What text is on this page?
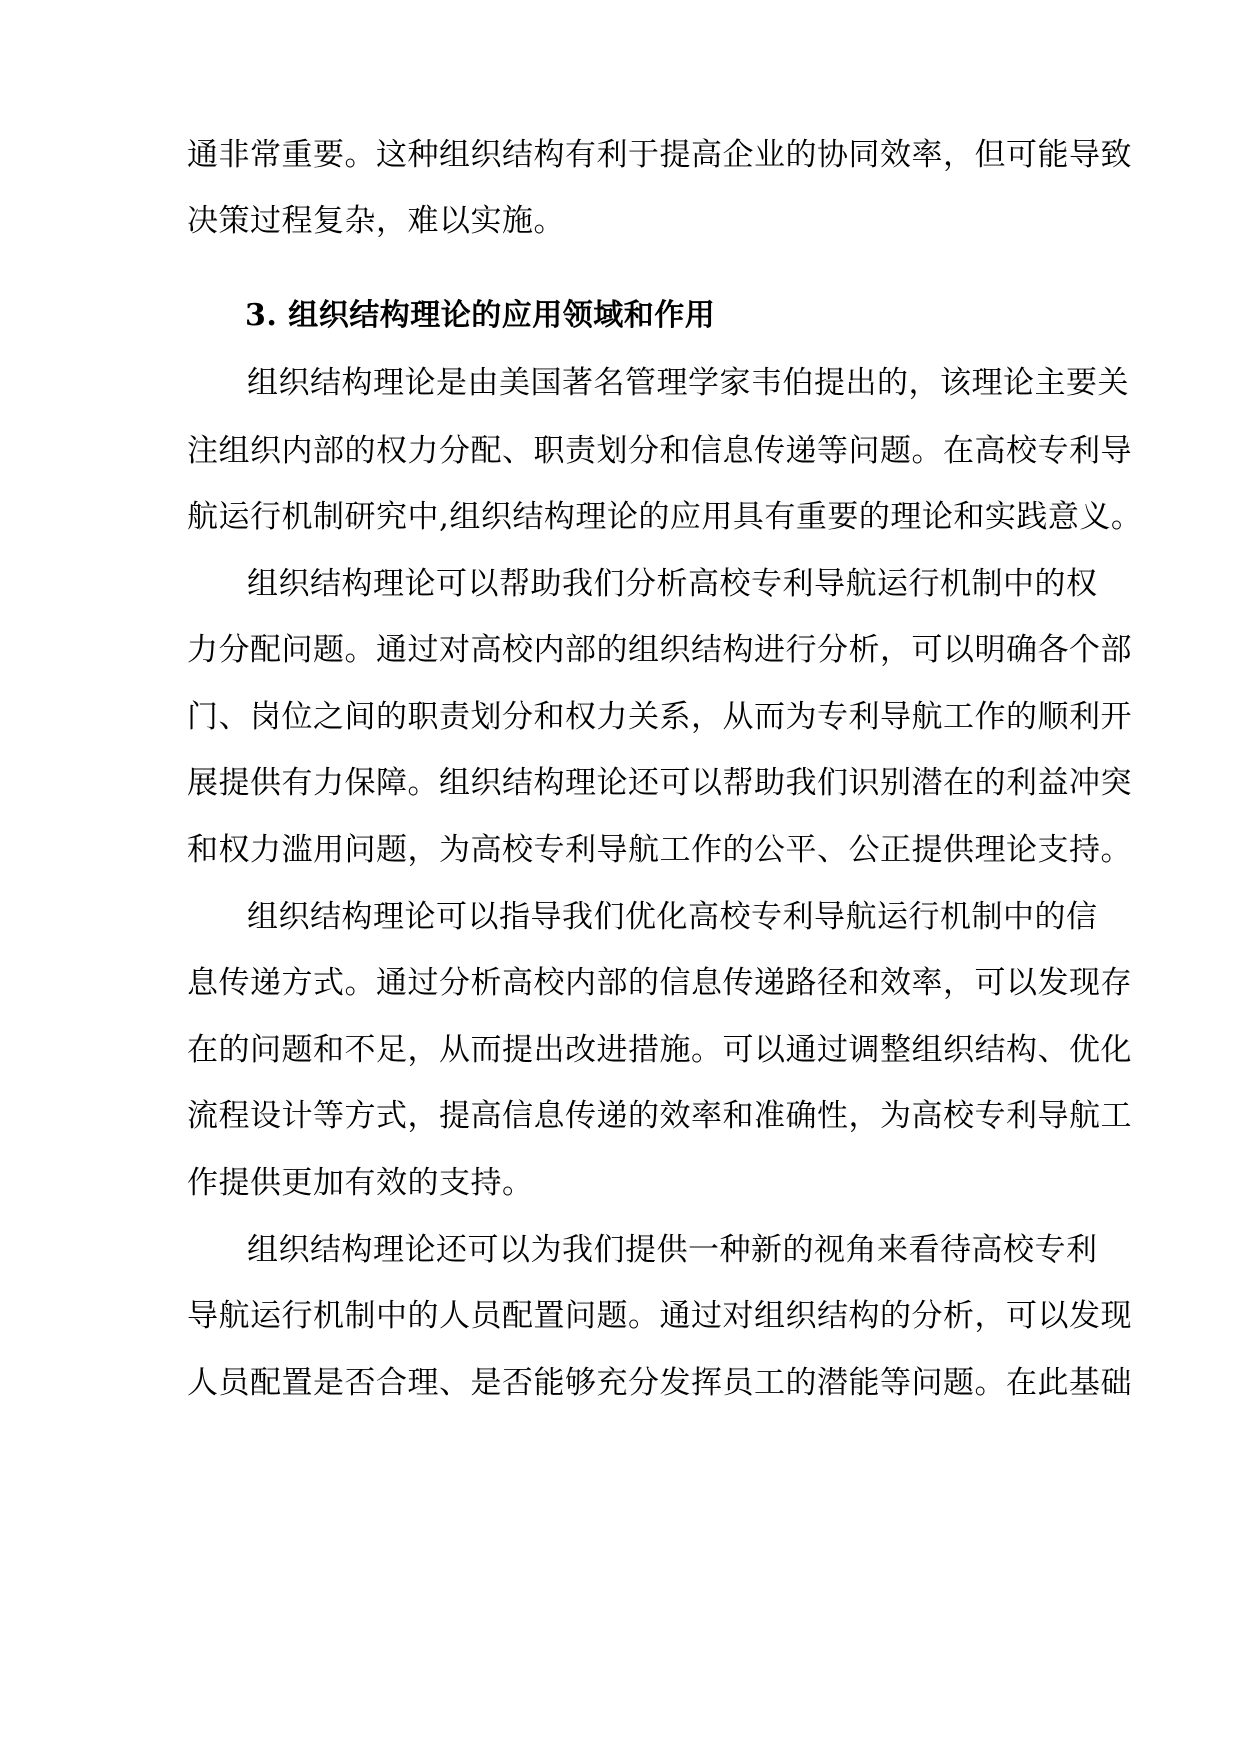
通非常重要。这种组织结构有利于提高企业的协同效率，但可能导致
决策过程复杂，难以实施。
3. 组织结构理论的应用领域和作用
组织结构理论是由美国著名管理学家韦伯提出的，该理论主要关
注组织内部的权力分配、职责划分和信息传递等问题。在高校专利导
航运行机制研究中,组织结构理论的应用具有重要的理论和实践意义。
组织结构理论可以帮助我们分析高校专利导航运行机制中的权
力分配问题。通过对高校内部的组织结构进行分析，可以明确各个部
门、岗位之间的职责划分和权力关系，从而为专利导航工作的顺利开
展提供有力保障。组织结构理论还可以帮助我们识别潜在的利益冲突
和权力滥用问题，为高校专利导航工作的公平、公正提供理论支持。
组织结构理论可以指导我们优化高校专利导航运行机制中的信
息传递方式。通过分析高校内部的信息传递路径和效率，可以发现存
在的问题和不足，从而提出改进措施。可以通过调整组织结构、优化
流程设计等方式，提高信息传递的效率和准确性，为高校专利导航工
作提供更加有效的支持。
组织结构理论还可以为我们提供一种新的视角来看待高校专利
导航运行机制中的人员配置问题。通过对组织结构的分析，可以发现
人员配置是否合理、是否能够充分发挥员工的潜能等问题。在此基础
